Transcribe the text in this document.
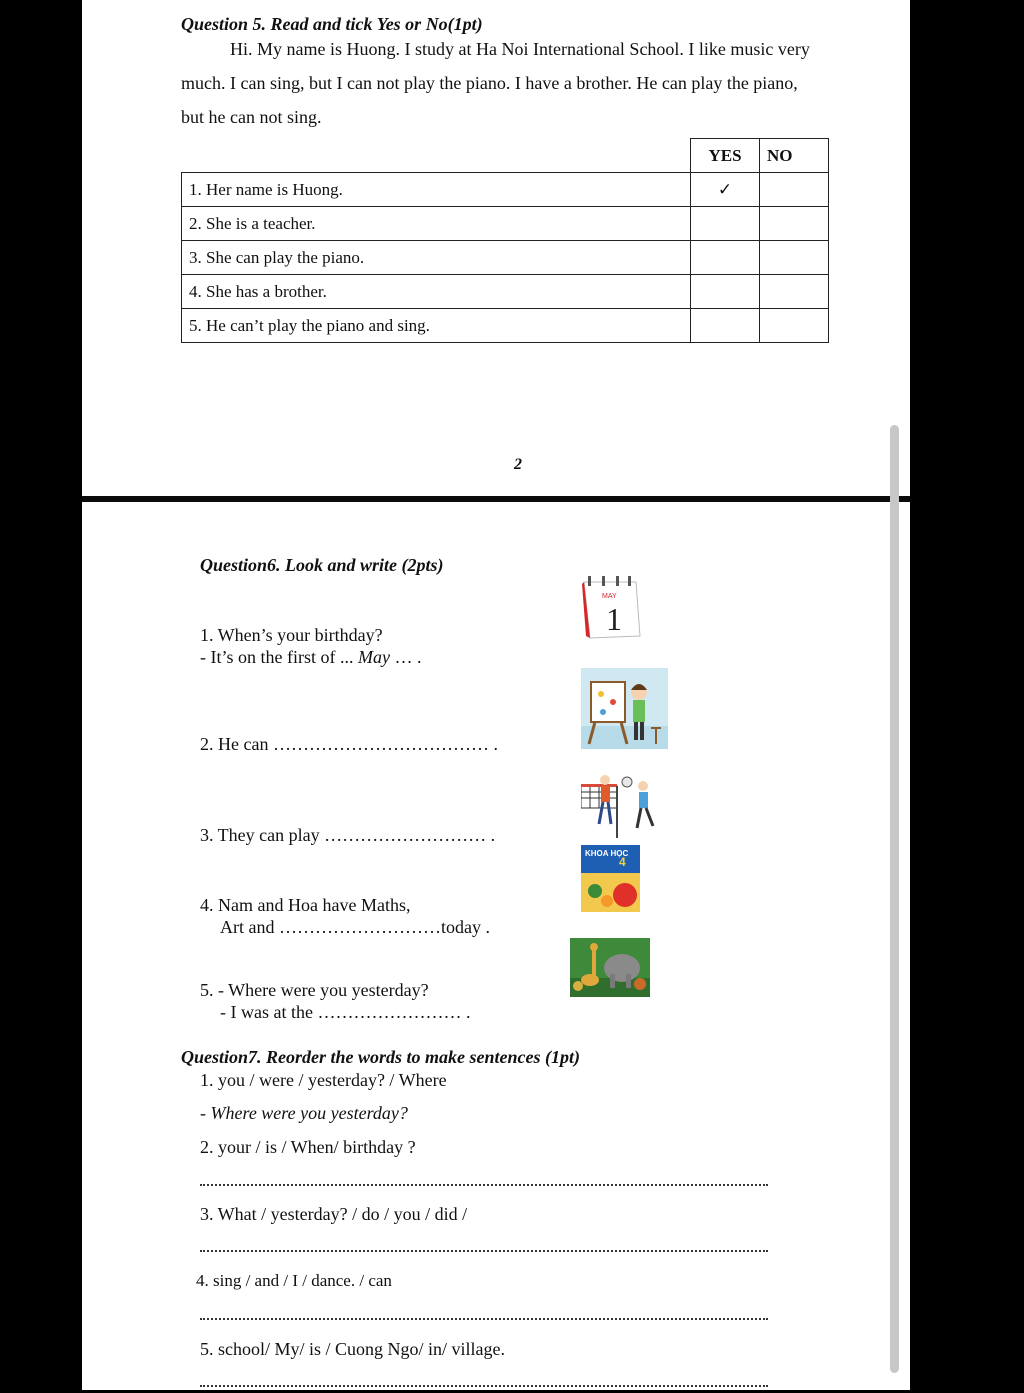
Question 5. Read and tick Yes or No(1pt)
Hi. My name is Huong. I study at Ha Noi International School. I like music very
much. I can sing, but I can not play the piano. I have a brother. He can play the piano,
but he can not sing.
	YES	NO
1. Her name is Huong.	✓	
2. She is a teacher.		
3. She can play the piano.		
4. She has a brother.		
5. He can’t play the piano and sing.		
2
Question6. Look and write (2pts)
MAY
1
1. When’s your birthday?
- It’s on the first of ... May … .
2. He can ……………………………… .
3. They can play ……………………… .
KHOA HỌC
4
4. Nam and Hoa have Maths,
Art and ………………………today .
5. - Where were you yesterday?
- I was at the …………………… .
Question7. Reorder the words to make sentences (1pt)
1. you / were / yesterday? / Where
- Where were you yesterday?
2. your / is / When/ birthday ?
3. What / yesterday? / do / you / did /
4. sing / and / I / dance. / can
5. school/ My/ is / Cuong Ngo/ in/ village.
